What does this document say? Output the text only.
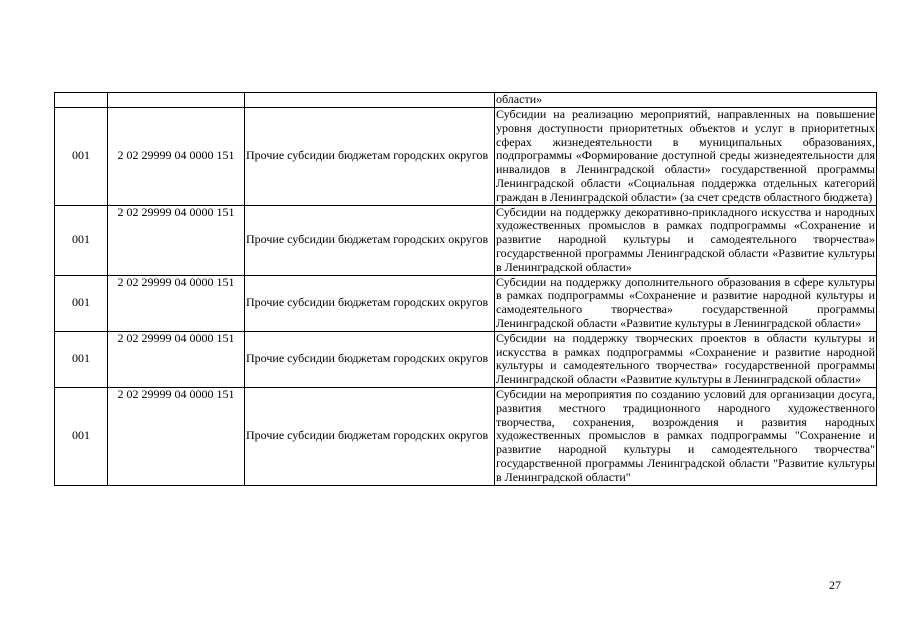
			области»
001	2 02 29999 04 0000 151	Прочие субсидии бюджетам городских округов	Субсидии на реализацию мероприятий, направленных на повышение уровня доступности приоритетных объектов и услуг в приоритетных сферах жизнедеятельности в муниципальных образованиях, подпрограммы «Формирование доступной среды жизнедеятельности для инвалидов в Ленинградской области» государственной программы Ленинградской области «Социальная поддержка отдельных категорий граждан в Ленинградской области» (за счет средств областного бюджета)
001	2 02 29999 04 0000 151	Прочие субсидии бюджетам городских округов	Субсидии на поддержку декоративно-прикладного искусства и народных художественных промыслов в рамках подпрограммы «Сохранение и развитие народной культуры и самодеятельного творчества» государственной программы Ленинградской области «Развитие культуры в Ленинградской области»
001	2 02 29999 04 0000 151	Прочие субсидии бюджетам городских округов	Субсидии на поддержку дополнительного образования в сфере культуры в рамках подпрограммы «Сохранение и развитие народной культуры и самодеятельного творчества» государственной программы Ленинградской области «Развитие культуры в Ленинградской области»
001	2 02 29999 04 0000 151	Прочие субсидии бюджетам городских округов	Субсидии на поддержку творческих проектов в области культуры и искусства в рамках подпрограммы «Сохранение и развитие народной культуры и самодеятельного творчества» государственной программы Ленинградской области «Развитие культуры в Ленинградской области»
001	2 02 29999 04 0000 151	Прочие субсидии бюджетам городских округов	Субсидии на мероприятия по созданию условий для организации досуга, развития местного традиционного народного художественного творчества, сохранения, возрождения и развития народных художественных промыслов в рамках подпрограммы "Сохранение и развитие народной культуры и самодеятельного творчества" государственной программы Ленинградской области "Развитие культуры в Ленинградской области"
27
